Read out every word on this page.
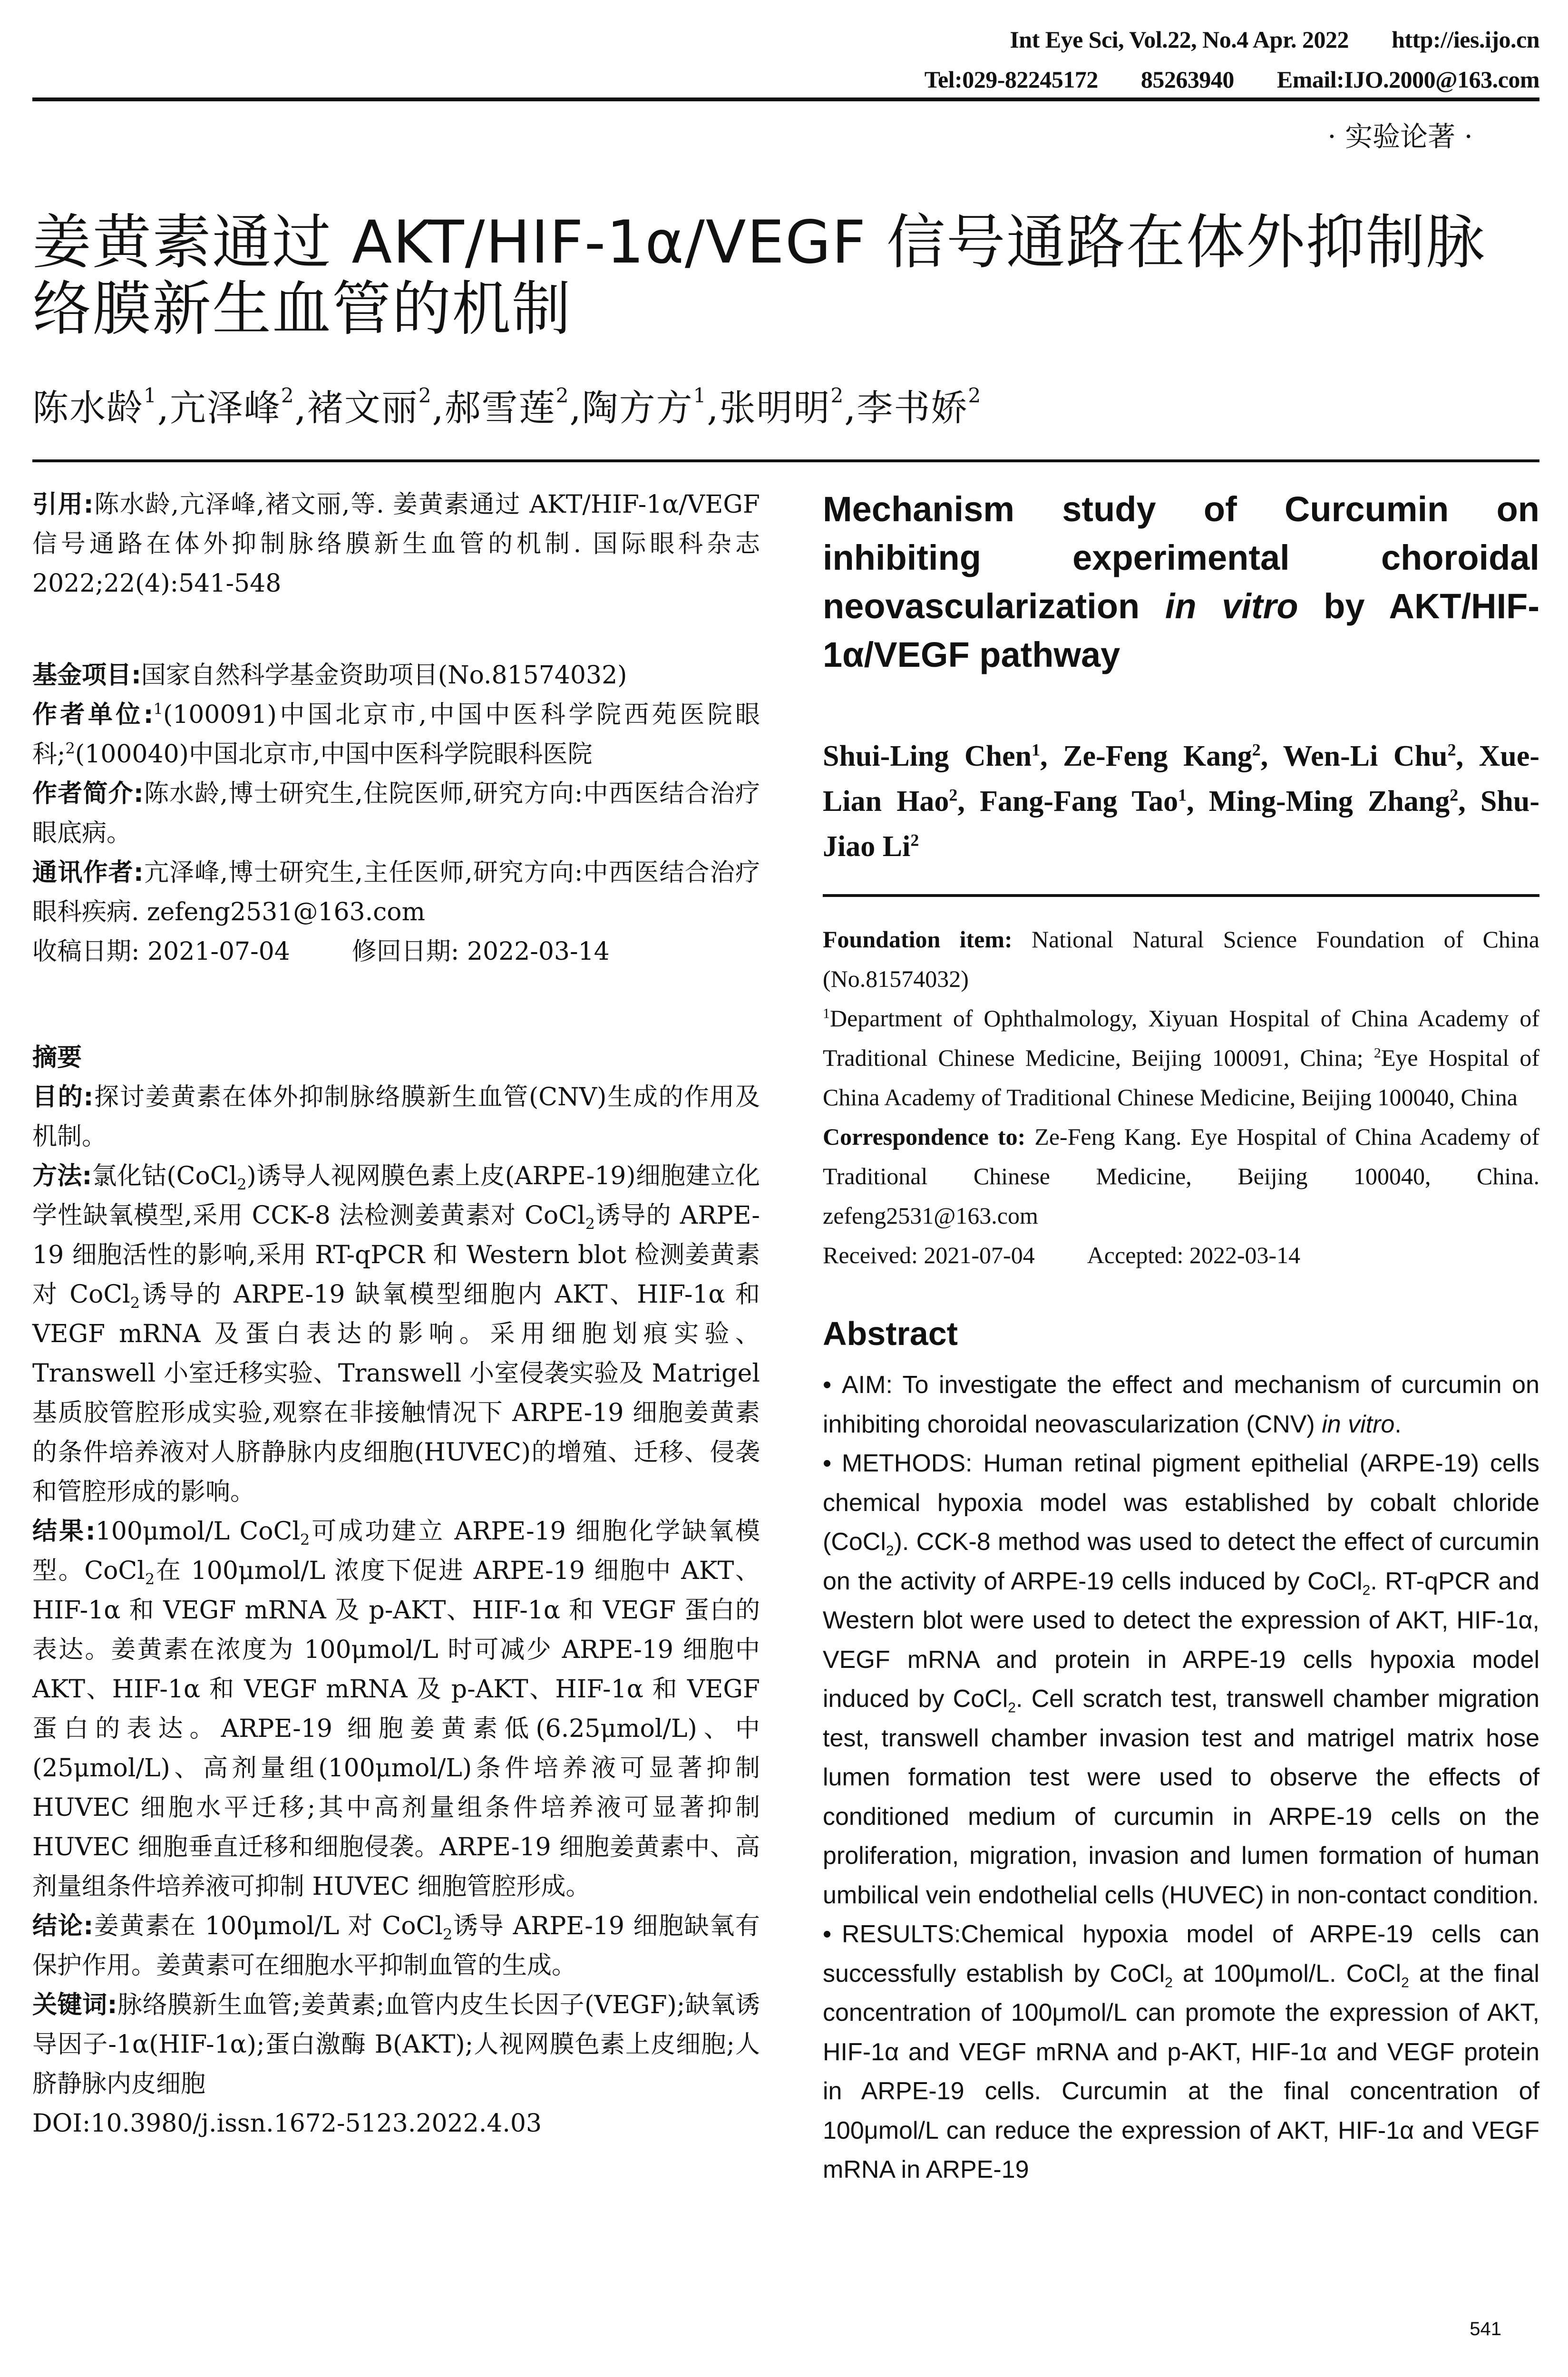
Int Eye Sci, Vol.22, No.4 Apr. 2022 http://ies.ijo.cn
Tel:029-82245172 85263940 Email:IJO.2000@163.com
· 实验论著 ·
姜黄素通过 AKT/HIF-1α/VEGF 信号通路在体外抑制脉络膜新生血管的机制
陈水龄$^1$,亢泽峰$^2$,褚文丽$^2$,郝雪莲$^2$,陶方方$^1$,张明明$^2$,李书娇$^2$

引用:陈水龄,亢泽峰,褚文丽,等. 姜黄素通过 AKT/HIF-1α/VEGF 信号通路在体外抑制脉络膜新生血管的机制. 国际眼科杂志 2022;22(4):541-548

基金项目:国家自然科学基金资助项目(No.81574032)

作者单位:$^1$(100091)中国北京市,中国中医科学院西苑医院眼科;$^2$(100040)中国北京市,中国中医科学院眼科医院

作者简介:陈水龄,博士研究生,住院医师,研究方向:中西医结合治疗眼底病。

通讯作者:亢泽峰,博士研究生,主任医师,研究方向:中西医结合治疗眼科疾病. zefeng2531@163.com

收稿日期: 2021-07-04	修回日期: 2022-03-14

摘要

目的:探讨姜黄素在体外抑制脉络膜新生血管(CNV)生成的作用及机制。

方法:氯化钴(CoCl$_2$)诱导人视网膜色素上皮(ARPE-19)细胞建立化学性缺氧模型,采用 CCK-8 法检测姜黄素对 CoCl$_2$诱导的 ARPE-19 细胞活性的影响,采用 RT-qPCR 和 Western blot 检测姜黄素对 CoCl$_2$诱导的 ARPE-19 缺氧模型细胞内 AKT、HIF-1α 和 VEGF mRNA 及蛋白表达的影响。采用细胞划痕实验、Transwell 小室迁移实验、Transwell 小室侵袭实验及 Matrigel 基质胶管腔形成实验,观察在非接触情况下 ARPE-19 细胞姜黄素的条件培养液对人脐静脉内皮细胞(HUVEC)的增殖、迁移、侵袭和管腔形成的影响。

结果:100μmol/L CoCl$_2$可成功建立 ARPE-19 细胞化学缺氧模型。CoCl$_2$在 100μmol/L 浓度下促进 ARPE-19 细胞中 AKT、HIF-1α 和 VEGF mRNA 及 p-AKT、HIF-1α 和 VEGF 蛋白的表达。姜黄素在浓度为 100μmol/L 时可减少 ARPE-19 细胞中 AKT、HIF-1α 和 VEGF mRNA 及 p-AKT、HIF-1α 和 VEGF 蛋白的表达。ARPE-19 细胞姜黄素低(6.25μmol/L)、中(25μmol/L)、高剂量组(100μmol/L)条件培养液可显著抑制 HUVEC 细胞水平迁移;其中高剂量组条件培养液可显著抑制 HUVEC 细胞垂直迁移和细胞侵袭。ARPE-19 细胞姜黄素中、高剂量组条件培养液可抑制 HUVEC 细胞管腔形成。

结论:姜黄素在 100μmol/L 对 CoCl$_2$诱导 ARPE-19 细胞缺氧有保护作用。姜黄素可在细胞水平抑制血管的生成。

关键词:脉络膜新生血管;姜黄素;血管内皮生长因子(VEGF);缺氧诱导因子-1α(HIF-1α);蛋白激酶 B(AKT);人视网膜色素上皮细胞;人脐静脉内皮细胞

DOI:10.3980/j.issn.1672-5123.2022.4.03

Mechanism study of Curcumin on inhibiting experimental choroidal neovascularization in vitro by AKT/HIF-1α/VEGF pathway
Shui-Ling Chen$^1$, Ze-Feng Kang$^2$, Wen-Li Chu$^2$, Xue-Lian Hao$^2$, Fang-Fang Tao$^1$, Ming-Ming Zhang$^2$, Shu-Jiao Li$^2$

Foundation item: National Natural Science Foundation of China (No.81574032)

$^1$Department of Ophthalmology, Xiyuan Hospital of China Academy of Traditional Chinese Medicine, Beijing 100091, China; $^2$Eye Hospital of China Academy of Traditional Chinese Medicine, Beijing 100040, China

Correspondence to: Ze-Feng Kang. Eye Hospital of China Academy of Traditional Chinese Medicine, Beijing 100040, China. zefeng2531@163.com

Received: 2021-07-04 Accepted: 2022-03-14

Abstract

• AIM: To investigate the effect and mechanism of curcumin on inhibiting choroidal neovascularization (CNV) in vitro.

• METHODS: Human retinal pigment epithelial (ARPE-19) cells chemical hypoxia model was established by cobalt chloride (CoCl$_2$). CCK-8 method was used to detect the effect of curcumin on the activity of ARPE-19 cells induced by CoCl$_2$. RT-qPCR and Western blot were used to detect the expression of AKT, HIF-1α, VEGF mRNA and protein in ARPE-19 cells hypoxia model induced by CoCl$_2$. Cell scratch test, transwell chamber migration test, transwell chamber invasion test and matrigel matrix hose lumen formation test were used to observe the effects of conditioned medium of curcumin in ARPE-19 cells on the proliferation, migration, invasion and lumen formation of human umbilical vein endothelial cells (HUVEC) in non-contact condition.

• RESULTS:Chemical hypoxia model of ARPE-19 cells can successfully establish by CoCl$_2$ at 100μmol/L. CoCl$_2$ at the final concentration of 100μmol/L can promote the expression of AKT, HIF-1α and VEGF mRNA and p-AKT, HIF-1α and VEGF protein in ARPE-19 cells. Curcumin at the final concentration of 100μmol/L can reduce the expression of AKT, HIF-1α and VEGF mRNA in ARPE-19

541
